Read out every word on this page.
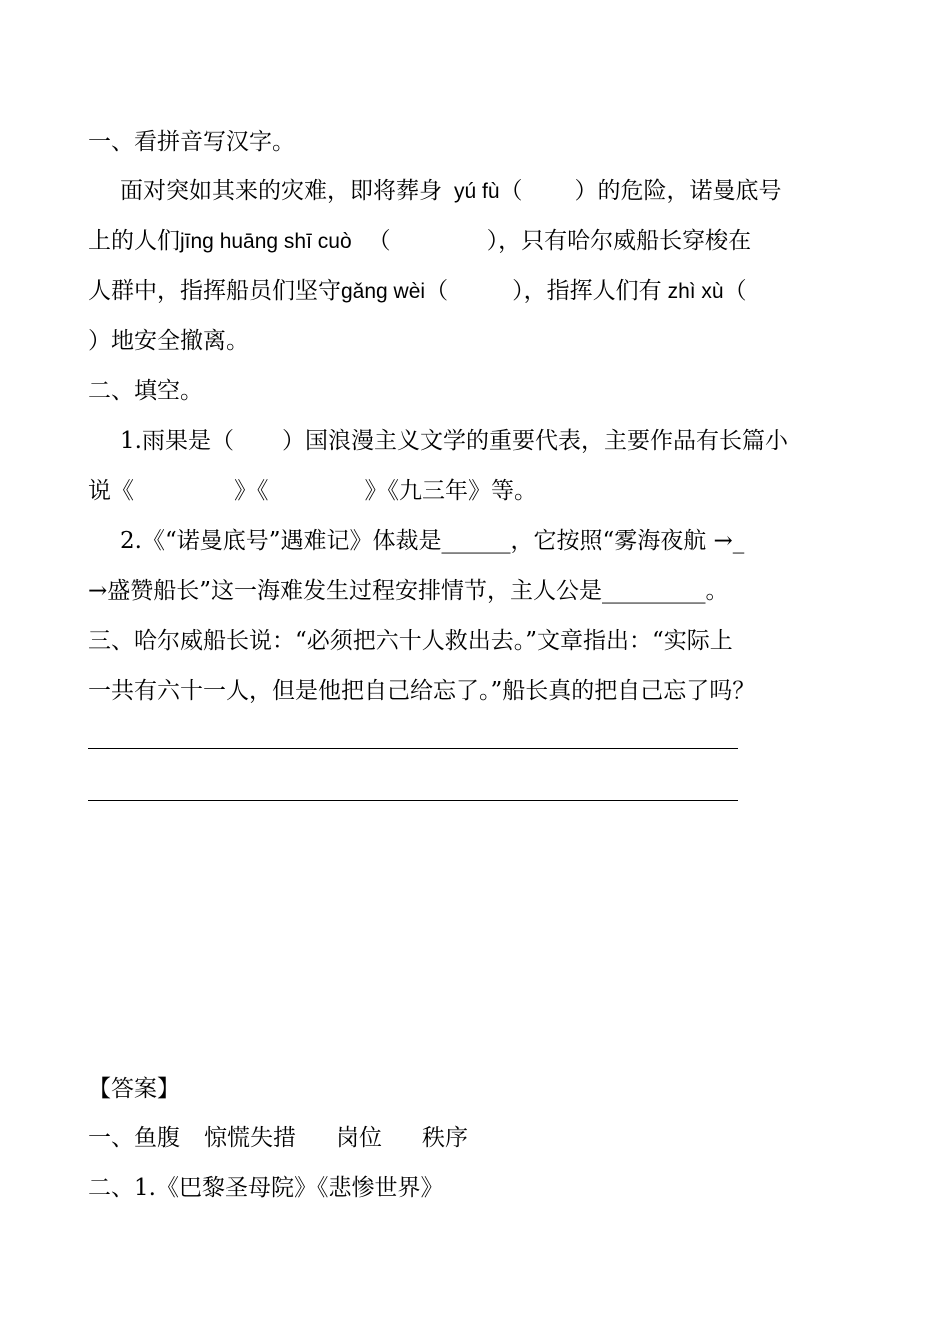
一、看拼音写汉字。
面对突如其来的灾难，即将葬身 yú fù（ ）的危险，诺曼底号
上的人们jīng huāng shī cuò （	），只有哈尔威船长穿梭在
人群中，指挥船员们坚守gǎng wèi（	），指挥人们有 zhì xù（
）地安全撤离。
二、填空。
1.雨果是（ ）国浪漫主义文学的重要代表，主要作品有长篇小
说《	》《	》《九三年》等。
2.《“诺曼底号”遇难记》体裁是______，它按照“雾海夜航 →_
→盛赞船长”这一海难发生过程安排情节，主人公是_________。
三、哈尔威船长说：“必须把六十人救出去。”文章指出：“实际上
一共有六十一人，但是他把自己给忘了。”船长真的把自己忘了吗？
【答案】
一、鱼腹 惊慌失措 岗位 秩序
二、1.《巴黎圣母院》《悲惨世界》
